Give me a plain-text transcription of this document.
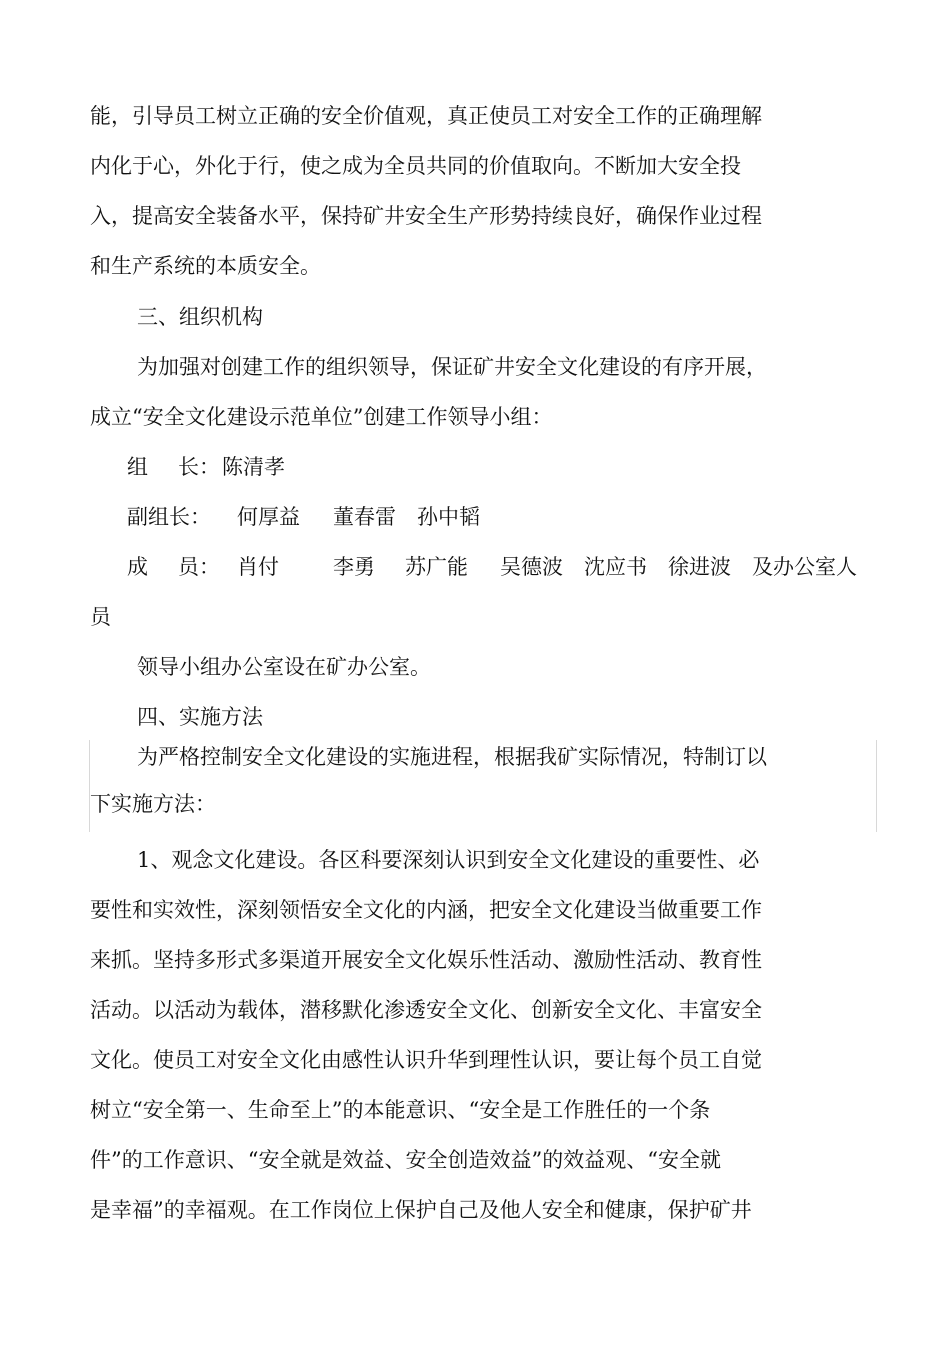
能，引导员工树立正确的安全价值观，真正使员工对安全工作的正确理解
内化于心，外化于行，使之成为全员共同的价值取向。不断加大安全投
入，提高安全装备水平，保持矿井安全生产形势持续良好，确保作业过程
和生产系统的本质安全。
三、组织机构
为加强对创建工作的组织领导，保证矿井安全文化建设的有序开展，
成立“安全文化建设示范单位”创建工作领导小组：
组 长： 陈清孝
副组长： 何厚益 董春雷 孙中韬
成 员： 肖付	李勇 苏广能 吴德波 沈应书 徐进波 及办公室人
员
领导小组办公室设在矿办公室。
四、实施方法
为严格控制安全文化建设的实施进程，根据我矿实际情况，特制订以
下实施方法：
1、观念文化建设。各区科要深刻认识到安全文化建设的重要性、必
要性和实效性，深刻领悟安全文化的内涵，把安全文化建设当做重要工作
来抓。坚持多形式多渠道开展安全文化娱乐性活动、激励性活动、教育性
活动。以活动为载体，潜移默化渗透安全文化、创新安全文化、丰富安全
文化。使员工对安全文化由感性认识升华到理性认识，要让每个员工自觉
树立“安全第一、生命至上”的本能意识、“安全是工作胜任的一个条
件”的工作意识、“安全就是效益、安全创造效益”的效益观、“安全就
是幸福”的幸福观。在工作岗位上保护自己及他人安全和健康，保护矿井
